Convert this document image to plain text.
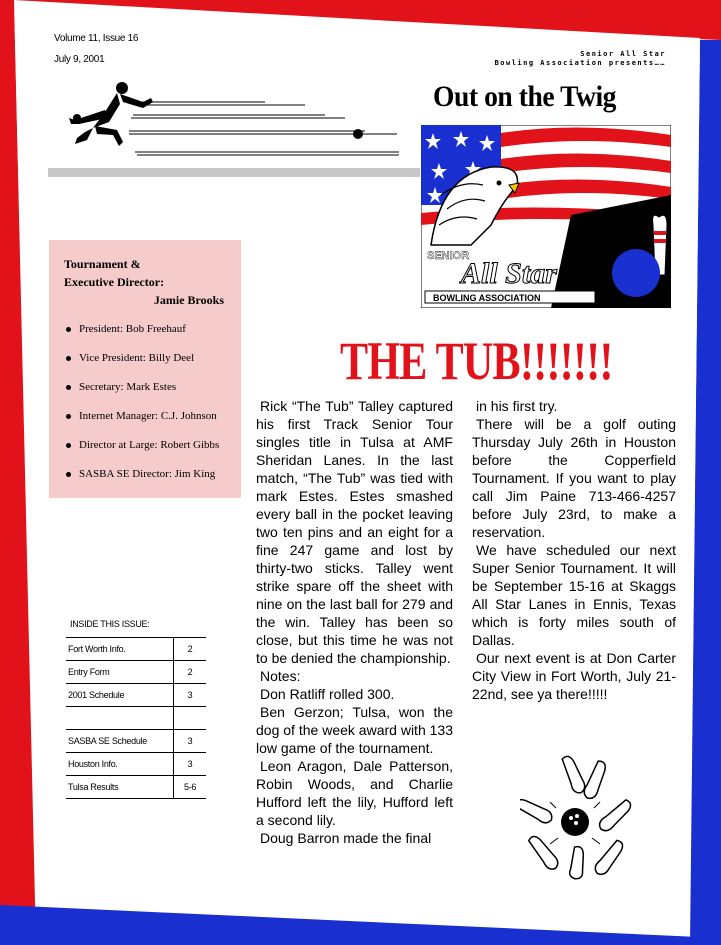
Volume 11, Issue 16
July 9, 2001	Senior All Star
Bowling Association presents……
Out on the Twig
SENIOR
All Star
BOWLING ASSOCIATION
Tournament &
Executive Director:
Jamie Brooks
President: Bob Freehauf
Vice President: Billy Deel
Secretary: Mark Estes
Internet Manager: C.J. Johnson
Director at Large: Robert Gibbs
SASBA SE Director: Jim King
INSIDE THIS ISSUE:
Fort Worth Info.	2
Entry Form	2
2001 Schedule	3

SASBA SE Schedule	3
Houston Info.	3
Tulsa Results	5-6
THE TUB!!!!!!!

Rick “The Tub” Talley captured his first Track Senior Tour singles title in Tulsa at AMF Sheridan Lanes. In the last match, “The Tub” was tied with mark Estes. Estes smashed every ball in the pocket leaving two ten pins and an eight for a fine 247 game and lost by thirty-two sticks. Talley went strike spare off the sheet with nine on the last ball for 279 and the win. Talley has been so close, but this time he was not to be denied the championship.

Notes:

Don Ratliff rolled 300.

Ben Gerzon; Tulsa, won the dog of the week award with 133 low game of the tournament.

Leon Aragon, Dale Patterson, Robin Woods, and Charlie Hufford left the lily, Hufford left a second lily.

Doug Barron made the final

in his first try.

There will be a golf outing Thursday July 26th in Houston before the Copperfield Tournament. If you want to play call Jim Paine 713-466-4257 before July 23rd, to make a reservation.

We have scheduled our next Super Senior Tournament. It will be September 15-16 at Skaggs All Star Lanes in Ennis, Texas which is forty miles south of Dallas.

Our next event is at Don Carter City View in Fort Worth, July 21-22nd, see ya there!!!!!
